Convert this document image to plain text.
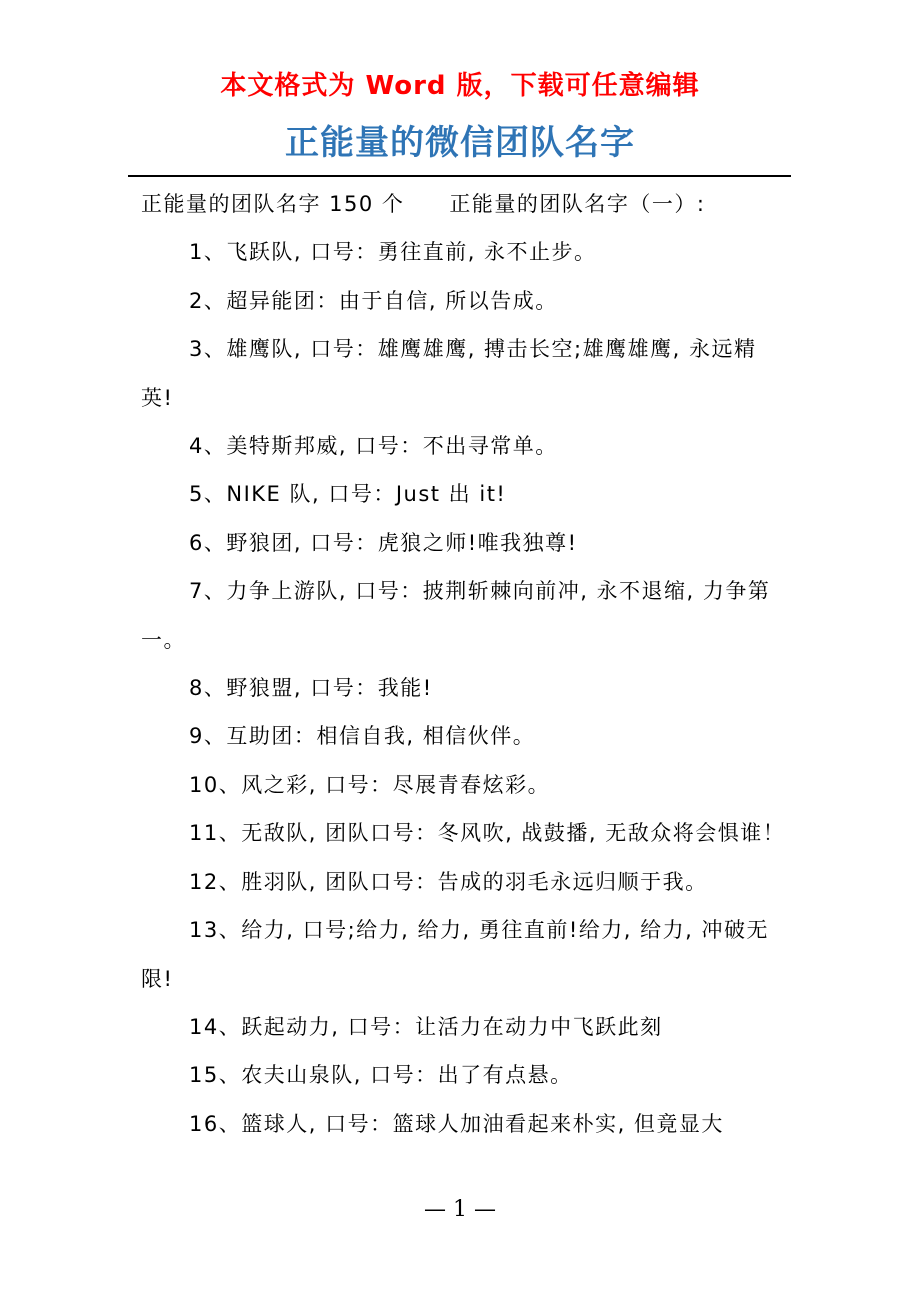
本文格式为 Word 版，下载可任意编辑
正能量的微信团队名字

正能量的团队名字 150 个　　正能量的团队名字（一）:

1、飞跃队, 口号：勇往直前, 永不止步。

2、超异能团：由于自信, 所以告成。

3、雄鹰队, 口号：雄鹰雄鹰, 搏击长空;雄鹰雄鹰, 永远精英!

4、美特斯邦威, 口号：不出寻常单。

5、NIKE 队, 口号：Just 出 it!

6、野狼团, 口号：虎狼之师!唯我独尊!

7、力争上游队, 口号：披荆斩棘向前冲, 永不退缩, 力争第一。

8、野狼盟, 口号：我能!

9、互助团：相信自我, 相信伙伴。

10、风之彩, 口号：尽展青春炫彩。

11、无敌队, 团队口号：冬风吹, 战鼓播, 无敌众将会惧谁！

12、胜羽队, 团队口号：告成的羽毛永远归顺于我。

13、给力, 口号;给力, 给力, 勇往直前!给力, 给力, 冲破无限!

14、跃起动力, 口号：让活力在动力中飞跃此刻

15、农夫山泉队, 口号：出了有点悬。

16、篮球人, 口号：篮球人加油看起来朴实, 但竟显大

— 1 —
